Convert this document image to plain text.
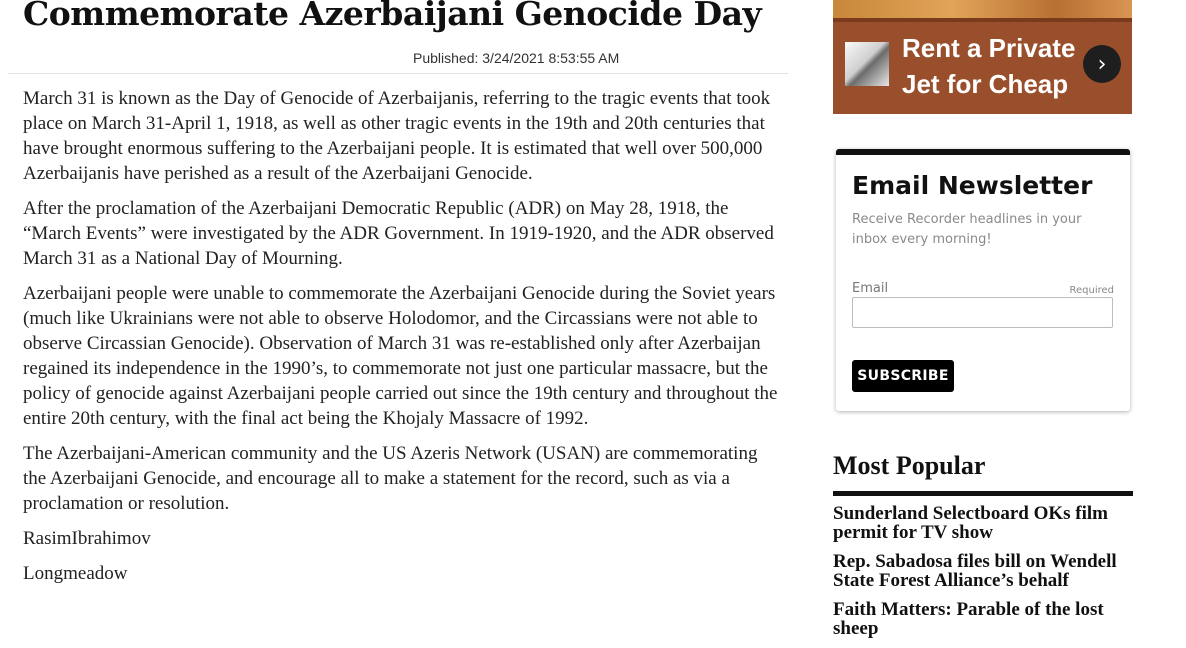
Commemorate Azerbaijani Genocide Day
Published: 3/24/2021 8:53:55 AM

March 31 is known as the Day of Genocide of Azerbaijanis, referring to the tragic events that took place on March 31-April 1, 1918, as well as other tragic events in the 19th and 20th centuries that have brought enormous suffering to the Azerbaijani people. It is estimated that well over 500,000 Azerbaijanis have perished as a result of the Azerbaijani Genocide.

After the proclamation of the Azerbaijani Democratic Republic (ADR) on May 28, 1918, the “March Events” were investigated by the ADR Government. In 1919-1920, and the ADR observed March 31 as a National Day of Mourning.

Azerbaijani people were unable to commemorate the Azerbaijani Genocide during the Soviet years (much like Ukrainians were not able to observe Holodomor, and the Circassians were not able to observe Circassian Genocide). Observation of March 31 was re-established only after Azerbaijan regained its independence in the 1990’s, to commemorate not just one particular massacre, but the policy of genocide against Azerbaijani people carried out since the 19th century and throughout the entire 20th century, with the final act being the Khojaly Massacre of 1992.

The Azerbaijani-American community and the US Azeris Network (USAN) are commemorating the Azerbaijani Genocide, and encourage all to make a statement for the record, such as via a proclamation or resolution.

RasimIbrahimov

Longmeadow

Rent a Private Jet for Cheap
›
Email Newsletter
Receive Recorder headlines in your inbox every morning!
Email	Required
SUBSCRIBE
Most Popular
Sunderland Selectboard OKs film permit for TV show
Rep. Sabadosa files bill on Wendell State Forest Alliance’s behalf
Faith Matters: Parable of the lost sheep
